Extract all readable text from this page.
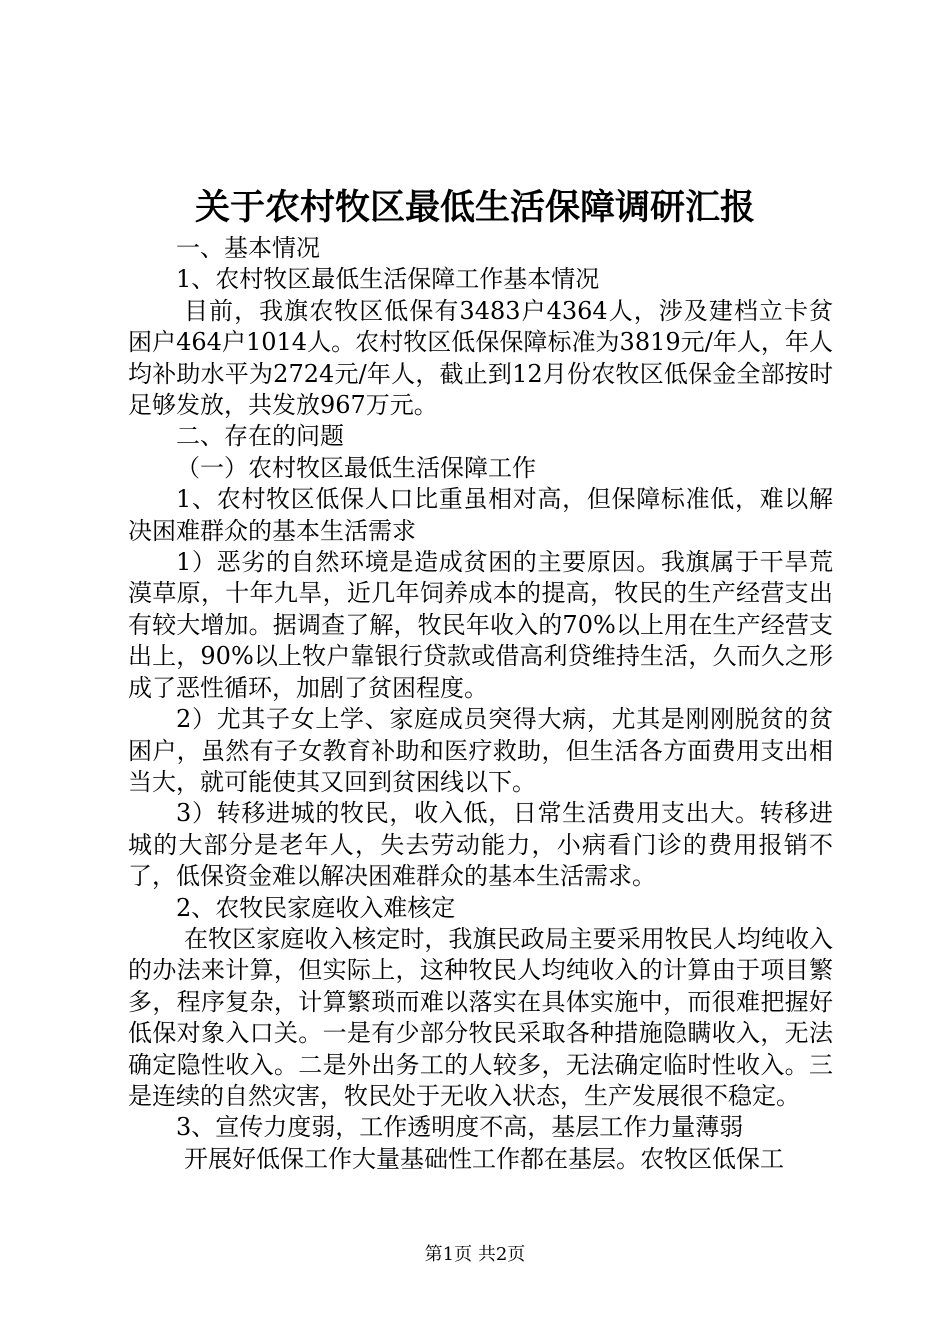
关于农村牧区最低生活保障调研汇报

一、基本情况

1、农村牧区最低生活保障工作基本情况

目前，我旗农牧区低保有3483户4364人，涉及建档立卡贫困户464户1014人。农村牧区低保保障标准为3819元/年人，年人均补助水平为2724元/年人，截止到12月份农牧区低保金全部按时足够发放，共发放967万元。

二、存在的问题

（一）农村牧区最低生活保障工作

1、农村牧区低保人口比重虽相对高，但保障标准低，难以解决困难群众的基本生活需求

1）恶劣的自然环境是造成贫困的主要原因。我旗属于干旱荒漠草原，十年九旱，近几年饲养成本的提高，牧民的生产经营支出有较大增加。据调查了解，牧民年收入的70%以上用在生产经营支出上，90%以上牧户靠银行贷款或借高利贷维持生活，久而久之形成了恶性循环，加剧了贫困程度。

2）尤其子女上学、家庭成员突得大病，尤其是刚刚脱贫的贫困户，虽然有子女教育补助和医疗救助，但生活各方面费用支出相当大，就可能使其又回到贫困线以下。

3）转移进城的牧民，收入低，日常生活费用支出大。转移进城的大部分是老年人，失去劳动能力，小病看门诊的费用报销不了，低保资金难以解决困难群众的基本生活需求。

2、农牧民家庭收入难核定

在牧区家庭收入核定时，我旗民政局主要采用牧民人均纯收入的办法来计算，但实际上，这种牧民人均纯收入的计算由于项目繁多，程序复杂，计算繁琐而难以落实在具体实施中，而很难把握好低保对象入口关。一是有少部分牧民采取各种措施隐瞒收入，无法确定隐性收入。二是外出务工的人较多，无法确定临时性收入。三是连续的自然灾害，牧民处于无收入状态，生产发展很不稳定。

3、宣传力度弱，工作透明度不高，基层工作力量薄弱

开展好低保工作大量基础性工作都在基层。农牧区低保工

第1页 共2页
